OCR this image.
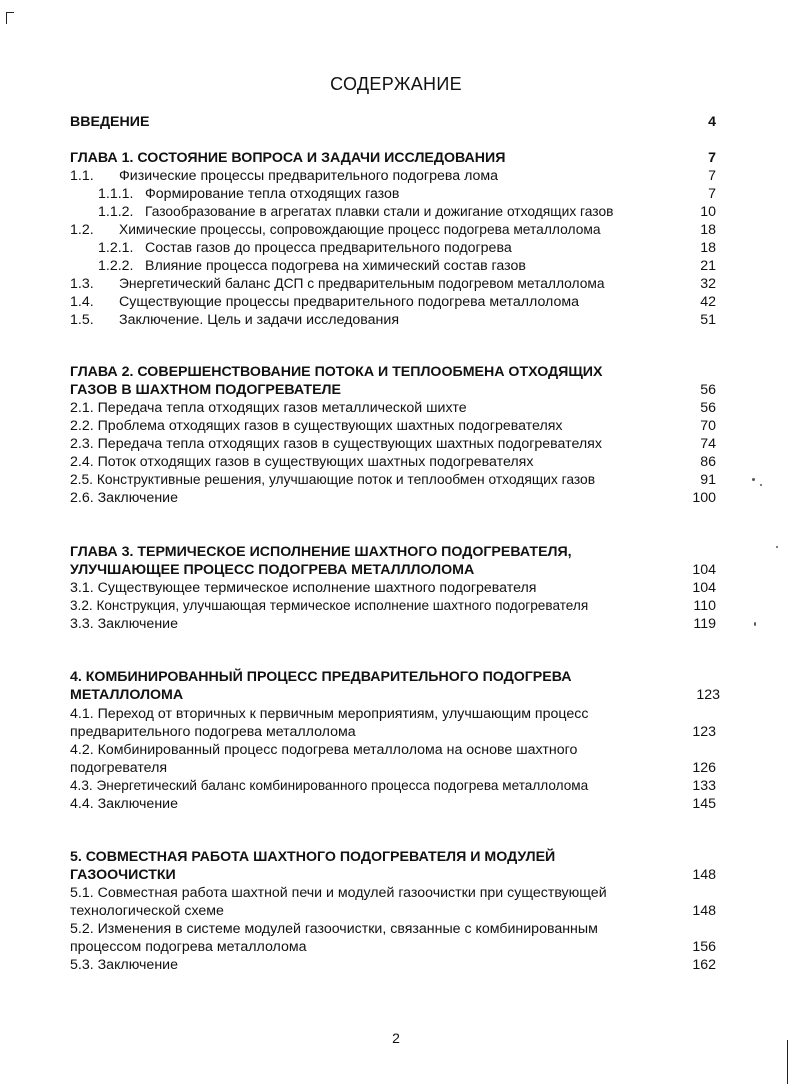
СОДЕРЖАНИЕ
ВВЕДЕНИЕ	4
ГЛАВА 1. СОСТОЯНИЕ ВОПРОСА И ЗАДАЧИ ИССЛЕДОВАНИЯ	7
1.1. Физические процессы предварительного подогрева лома	7
1.1.1. Формирование тепла отходящих газов	7
1.1.2. Газообразование в агрегатах плавки стали и дожигание отходящих газов	10
1.2. Химические процессы, сопровождающие процесс подогрева металлолома	18
1.2.1. Состав газов до процесса предварительного подогрева	18
1.2.2. Влияние процесса подогрева на химический состав газов	21
1.3. Энергетический баланс ДСП с предварительным подогревом металлолома	32
1.4. Существующие процессы предварительного подогрева металлолома	42
1.5. Заключение. Цель и задачи исследования	51
ГЛАВА 2. СОВЕРШЕНСТВОВАНИЕ ПОТОКА И ТЕПЛООБМЕНА ОТХОДЯЩИХ
ГАЗОВ В ШАХТНОМ ПОДОГРЕВАТЕЛЕ	56
2.1. Передача тепла отходящих газов металлической шихте	56
2.2. Проблема отходящих газов в существующих шахтных подогревателях	70
2.3. Передача тепла отходящих газов в существующих шахтных подогревателях	74
2.4. Поток отходящих газов в существующих шахтных подогревателях	86
2.5. Конструктивные решения, улучшающие поток и теплообмен отходящих газов	91
2.6. Заключение	100
ГЛАВА 3. ТЕРМИЧЕСКОЕ ИСПОЛНЕНИЕ ШАХТНОГО ПОДОГРЕВАТЕЛЯ,
УЛУЧШАЮЩЕЕ ПРОЦЕСС ПОДОГРЕВА МЕТАЛЛЛОЛОМА	104
3.1. Существующее термическое исполнение шахтного подогревателя	104
3.2. Конструкция, улучшающая термическое исполнение шахтного подогревателя	110
3.3. Заключение	119
4. КОМБИНИРОВАННЫЙ ПРОЦЕСС ПРЕДВАРИТЕЛЬНОГО ПОДОГРЕВА
МЕТАЛЛОЛОМА	123
4.1. Переход от вторичных к первичным мероприятиям, улучшающим процесс
предварительного подогрева металлолома	123
4.2. Комбинированный процесс подогрева металлолома на основе шахтного
подогревателя	126
4.3. Энергетический баланс комбинированного процесса подогрева металлолома	133
4.4. Заключение	145
5. СОВМЕСТНАЯ РАБОТА ШАХТНОГО ПОДОГРЕВАТЕЛЯ И МОДУЛЕЙ
ГАЗООЧИСТКИ	148
5.1. Совместная работа шахтной печи и модулей газоочистки при существующей
технологической схеме	148
5.2. Изменения в системе модулей газоочистки, связанные с комбинированным
процессом подогрева металлолома	156
5.3. Заключение	162
2
